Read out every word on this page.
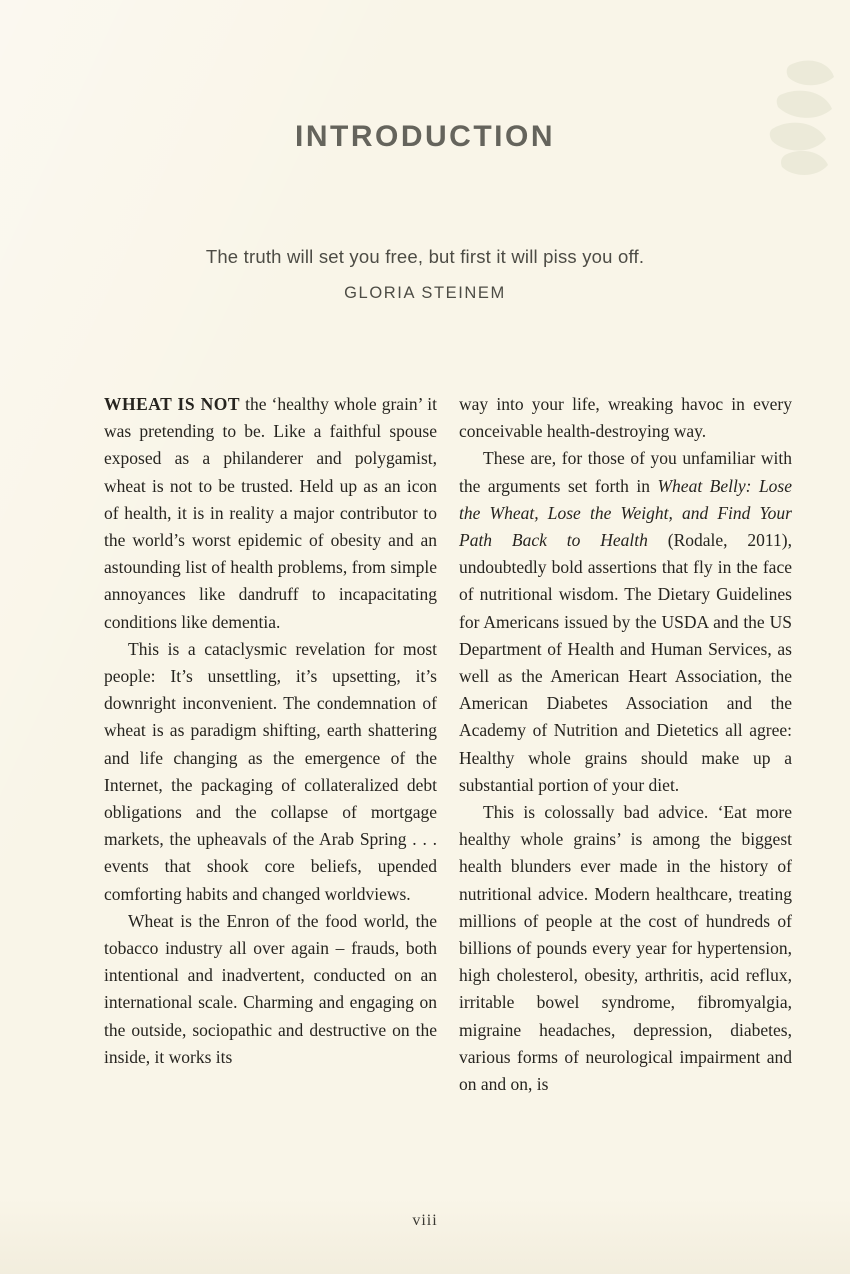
INTRODUCTION

The truth will set you free, but first it will piss you off.

GLORIA STEINEM

WHEAT IS NOT the ‘healthy whole grain’ it was pretending to be. Like a faithful spouse exposed as a philanderer and polygamist, wheat is not to be trusted. Held up as an icon of health, it is in reality a major contributor to the world’s worst epidemic of obesity and an astounding list of health problems, from simple annoyances like dandruff to incapacitating conditions like dementia.

This is a cataclysmic revelation for most people: It’s unsettling, it’s upsetting, it’s downright inconvenient. The condemnation of wheat is as paradigm shifting, earth shattering and life changing as the emergence of the Internet, the packaging of collateralized debt obligations and the collapse of mortgage markets, the upheavals of the Arab Spring . . . events that shook core beliefs, upended comforting habits and changed worldviews.

Wheat is the Enron of the food world, the tobacco industry all over again – frauds, both intentional and inadvertent, conducted on an international scale. Charming and engaging on the outside, sociopathic and destructive on the inside, it works its

way into your life, wreaking havoc in every conceivable health-destroying way.

These are, for those of you unfamiliar with the arguments set forth in Wheat Belly: Lose the Wheat, Lose the Weight, and Find Your Path Back to Health (Rodale, 2011), undoubtedly bold assertions that fly in the face of nutritional wisdom. The Dietary Guidelines for Americans issued by the USDA and the US Department of Health and Human Services, as well as the American Heart Association, the American Diabetes Association and the Academy of Nutrition and Dietetics all agree: Healthy whole grains should make up a substantial portion of your diet.

This is colossally bad advice. ‘Eat more healthy whole grains’ is among the biggest health blunders ever made in the history of nutritional advice. Modern healthcare, treating millions of people at the cost of hundreds of billions of pounds every year for hypertension, high cholesterol, obesity, arthritis, acid reflux, irritable bowel syndrome, fibromyalgia, migraine headaches, depression, diabetes, various forms of neurological impairment and on and on, is

viii
